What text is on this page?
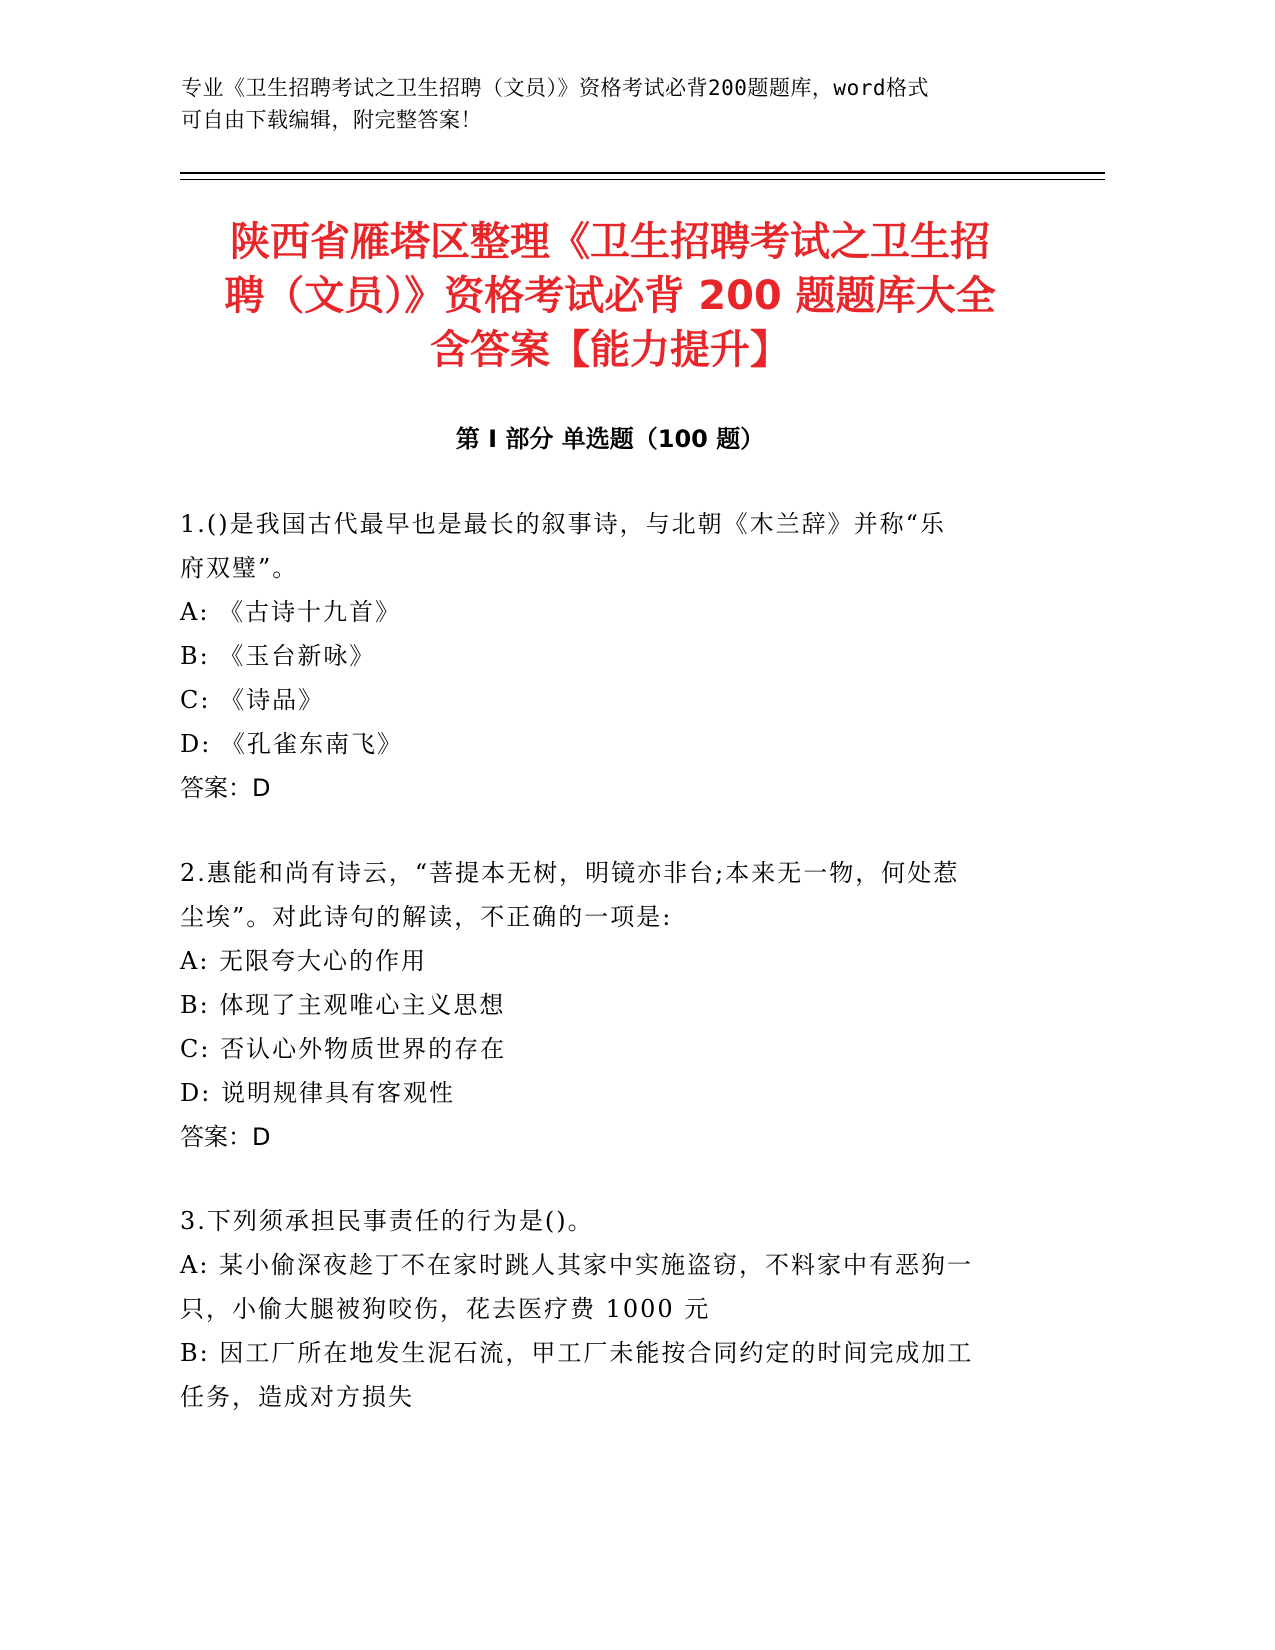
专业《卫生招聘考试之卫生招聘（文员）》资格考试必背200题题库，word格式
可自由下载编辑，附完整答案！
陕西省雁塔区整理《卫生招聘考试之卫生招
聘（文员）》资格考试必背 200 题题库大全
含答案【能力提升】
第 I 部分 单选题（100 题）

1.()是我国古代最早也是最长的叙事诗，与北朝《木兰辞》并称“乐

府双璧”。

A: 《古诗十九首》

B: 《玉台新咏》

C: 《诗品》

D: 《孔雀东南飞》

答案：D

2.惠能和尚有诗云，“菩提本无树，明镜亦非台;本来无一物，何处惹

尘埃”。对此诗句的解读，不正确的一项是:

A: 无限夸大心的作用

B: 体现了主观唯心主义思想

C: 否认心外物质世界的存在

D: 说明规律具有客观性

答案：D

3.下列须承担民事责任的行为是()。

A: 某小偷深夜趁丁不在家时跳人其家中实施盗窃，不料家中有恶狗一

只，小偷大腿被狗咬伤，花去医疗费 1000 元

B: 因工厂所在地发生泥石流，甲工厂未能按合同约定的时间完成加工

任务，造成对方损失
